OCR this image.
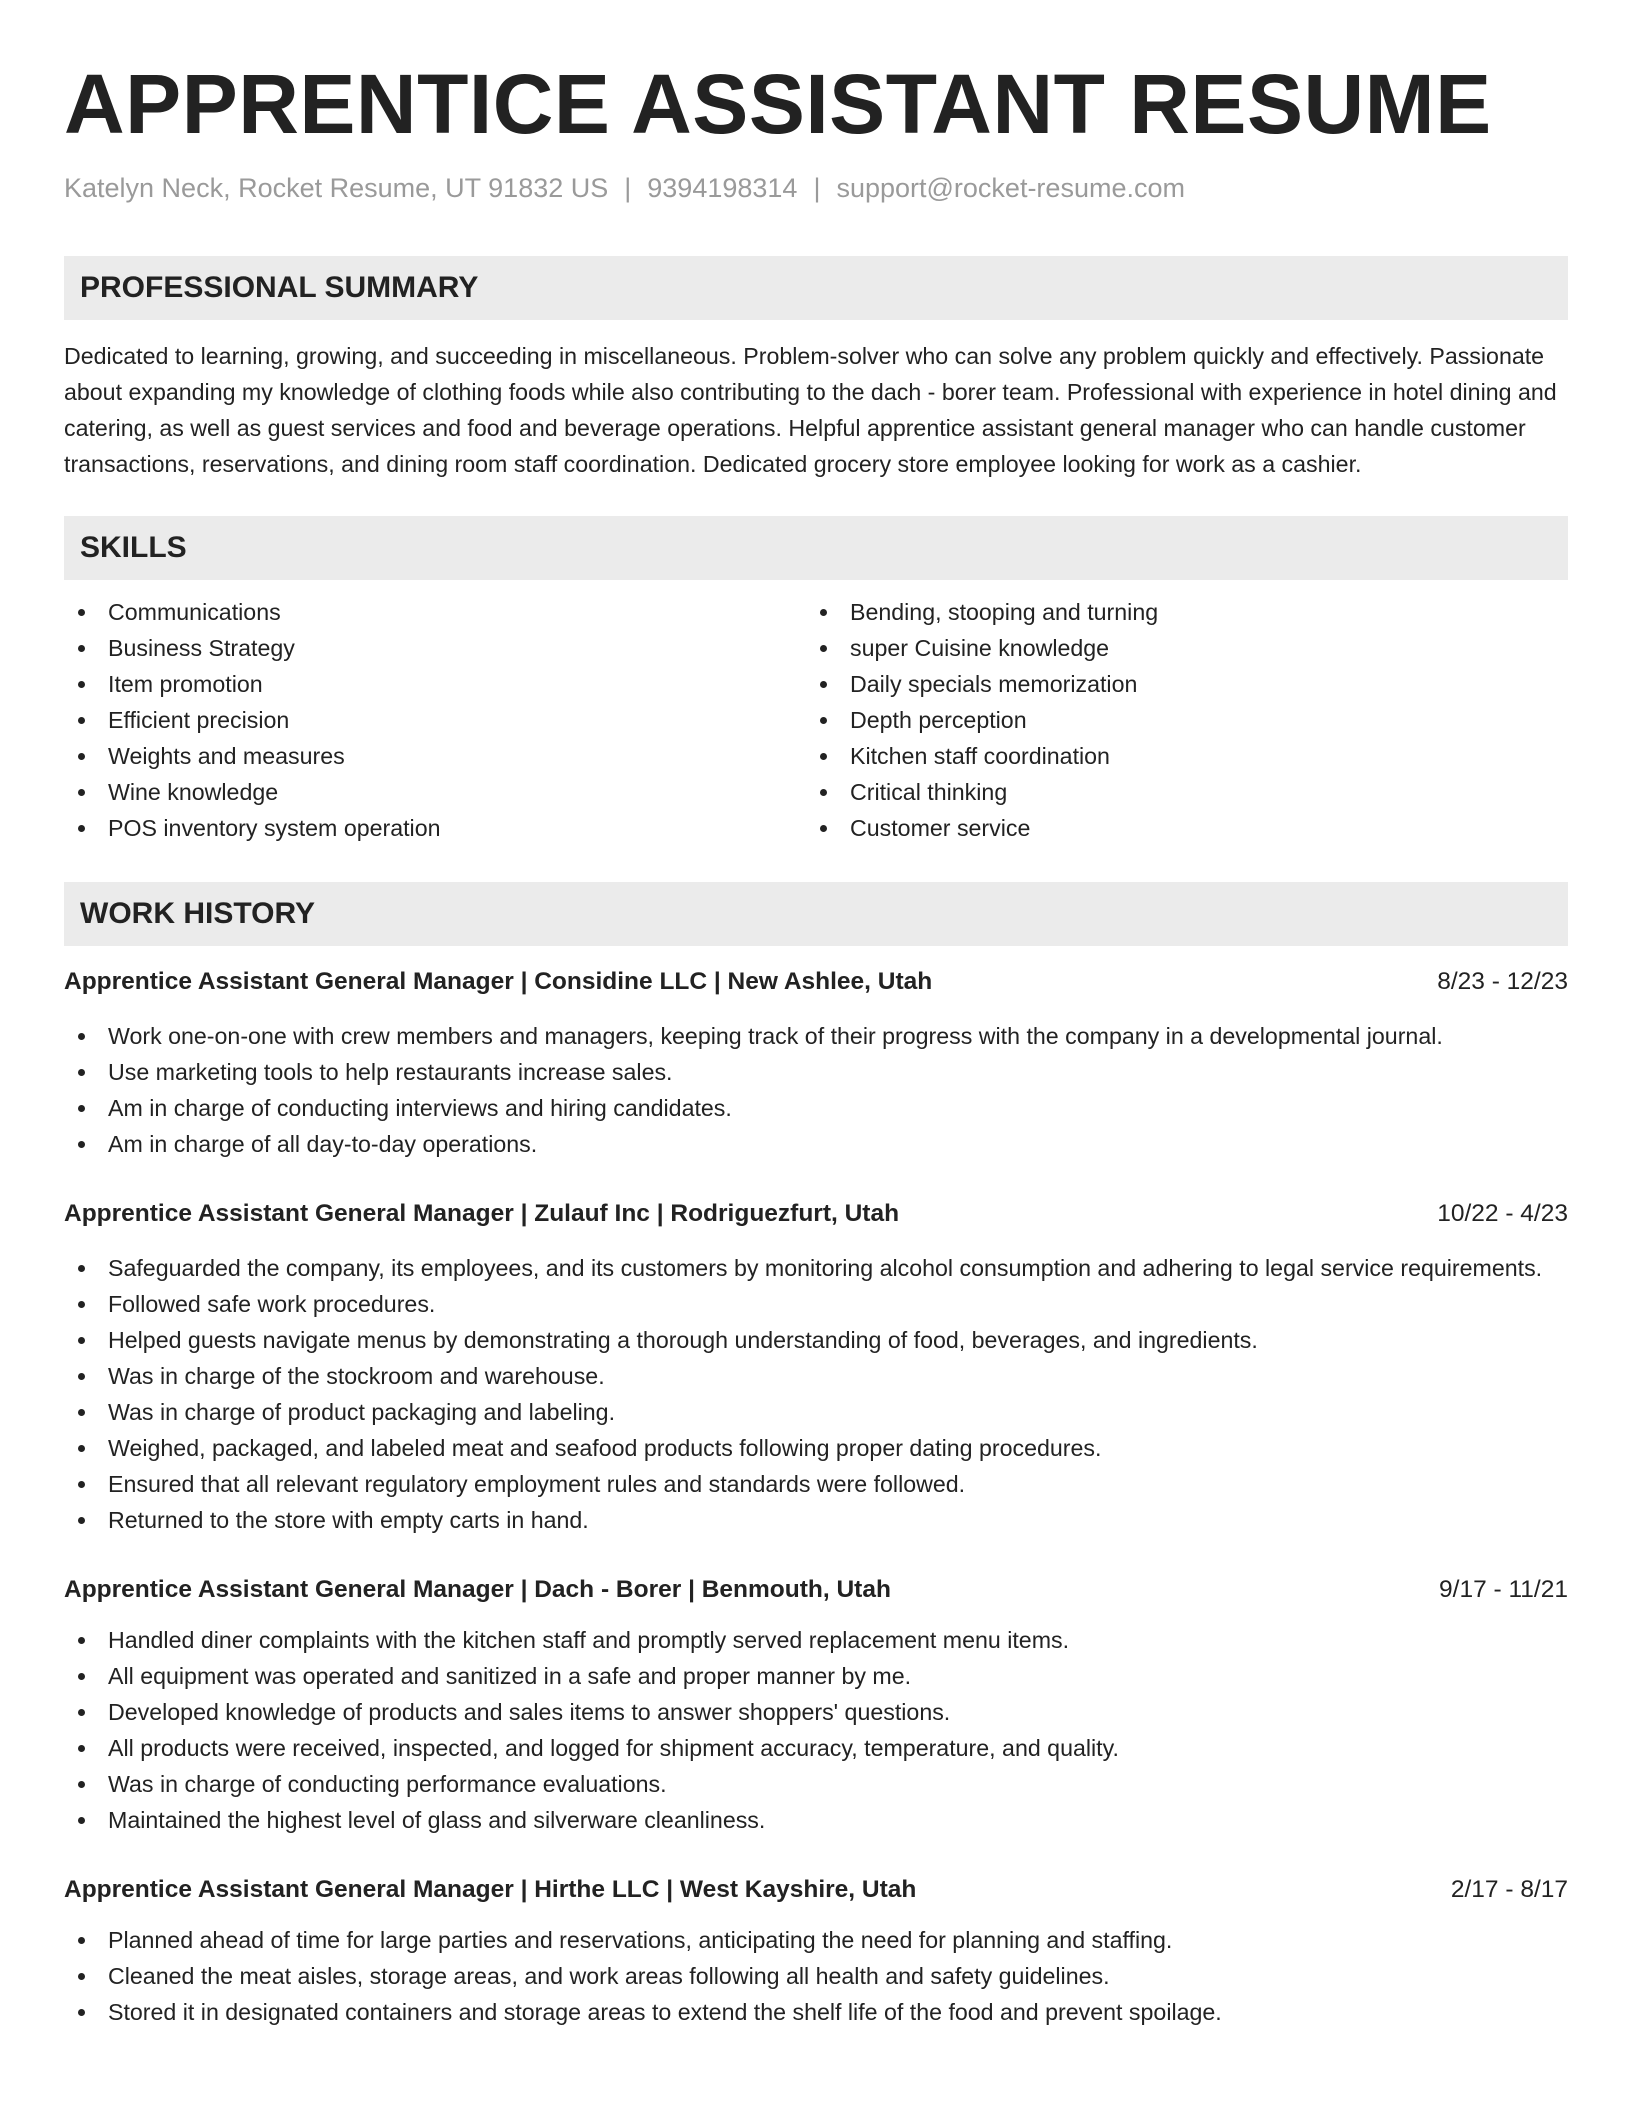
APPRENTICE ASSISTANT RESUME
Katelyn Neck, Rocket Resume, UT 91832 US | 9394198314 | support@rocket-resume.com
PROFESSIONAL SUMMARY
Dedicated to learning, growing, and succeeding in miscellaneous. Problem-solver who can solve any problem quickly and effectively. Passionate about expanding my knowledge of clothing foods while also contributing to the dach - borer team. Professional with experience in hotel dining and catering, as well as guest services and food and beverage operations. Helpful apprentice assistant general manager who can handle customer transactions, reservations, and dining room staff coordination. Dedicated grocery store employee looking for work as a cashier.
SKILLS
Communications
Business Strategy
Item promotion
Efficient precision
Weights and measures
Wine knowledge
POS inventory system operation
Bending, stooping and turning
super Cuisine knowledge
Daily specials memorization
Depth perception
Kitchen staff coordination
Critical thinking
Customer service
WORK HISTORY
Apprentice Assistant General Manager | Considine LLC | New Ashlee, Utah	8/23 - 12/23
Work one-on-one with crew members and managers, keeping track of their progress with the company in a developmental journal.
Use marketing tools to help restaurants increase sales.
Am in charge of conducting interviews and hiring candidates.
Am in charge of all day-to-day operations.
Apprentice Assistant General Manager | Zulauf Inc | Rodriguezfurt, Utah	10/22 - 4/23
Safeguarded the company, its employees, and its customers by monitoring alcohol consumption and adhering to legal service requirements.
Followed safe work procedures.
Helped guests navigate menus by demonstrating a thorough understanding of food, beverages, and ingredients.
Was in charge of the stockroom and warehouse.
Was in charge of product packaging and labeling.
Weighed, packaged, and labeled meat and seafood products following proper dating procedures.
Ensured that all relevant regulatory employment rules and standards were followed.
Returned to the store with empty carts in hand.
Apprentice Assistant General Manager | Dach - Borer | Benmouth, Utah	9/17 - 11/21
Handled diner complaints with the kitchen staff and promptly served replacement menu items.
All equipment was operated and sanitized in a safe and proper manner by me.
Developed knowledge of products and sales items to answer shoppers' questions.
All products were received, inspected, and logged for shipment accuracy, temperature, and quality.
Was in charge of conducting performance evaluations.
Maintained the highest level of glass and silverware cleanliness.
Apprentice Assistant General Manager | Hirthe LLC | West Kayshire, Utah	2/17 - 8/17
Planned ahead of time for large parties and reservations, anticipating the need for planning and staffing.
Cleaned the meat aisles, storage areas, and work areas following all health and safety guidelines.
Stored it in designated containers and storage areas to extend the shelf life of the food and prevent spoilage.
